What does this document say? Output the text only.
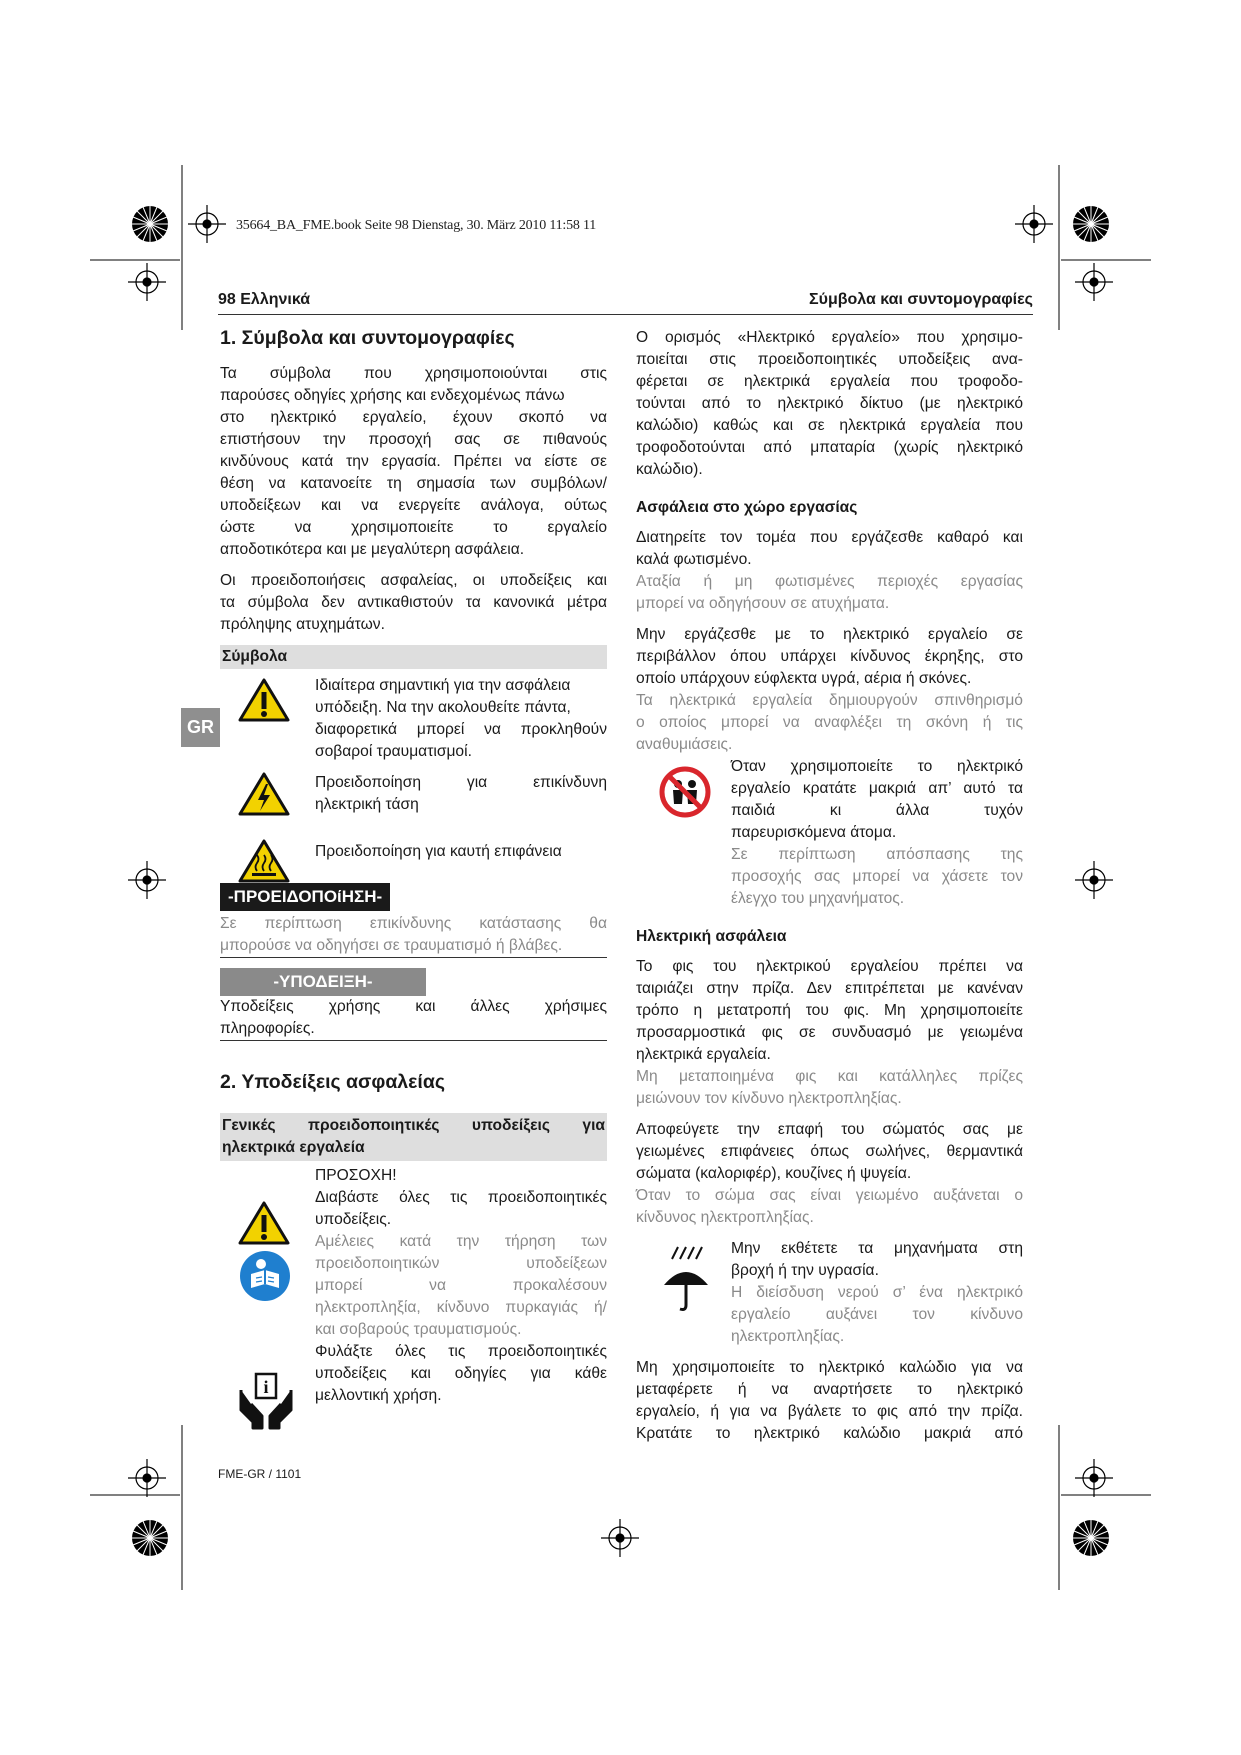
35664_BA_FME.book Seite 98 Dienstag, 30. März 2010 11:58 11
98 Ελληνικά	Σύμβολα και συντομογραφίες
GR

1. Σύμβολα και συντομογραφίες

Τα σύμβολα που χρησιμοποιούνται στις
παρούσες οδηγίες χρήσης και ενδεχομένως πάνω
στο ηλεκτρικό εργαλείο, έχουν σκοπό να
επιστήσουν την προσοχή σας σε πιθανούς
κινδύνους κατά την εργασία. Πρέπει να είστε σε
θέση να κατανοείτε τη σημασία των συμβόλων/
υποδείξεων και να ενεργείτε ανάλογα, ούτως
ώστε να χρησιμοποιείτε το εργαλείο
αποδοτικότερα και με μεγαλύτερη ασφάλεια.
Οι προειδοποιήσεις ασφαλείας, οι υποδείξεις και
τα σύμβολα δεν αντικαθιστούν τα κανονικά μέτρα
πρόληψης ατυχημάτων.
Σύμβολα
Ιδιαίτερα σημαντική για την ασφάλεια
υπόδειξη. Να την ακολουθείτε πάντα,
διαφορετικά μπορεί να προκληθούν
σοβαροί τραυματισμοί.
Προειδοποίηση για επικίνδυνη
ηλεκτρική τάση
Προειδοποίηση για καυτή επιφάνεια
-ΠΡΟΕΙΔΟΠΟίΗΣΗ-
Σε περίπτωση επικίνδυνης κατάστασης θα
μπορούσε να οδηγήσει σε τραυματισμό ή βλάβες.
-ΥΠΟΔΕΙΞΗ-
Υποδείξεις χρήσης και άλλες χρήσιμες
πληροφορίες.

2. Υποδείξεις ασφαλείας

Γενικές προειδοποιητικές υποδείξεις για
ηλεκτρικά εργαλεία
ΠΡΟΣΟΧΗ!
Διαβάστε όλες τις προειδοποιητικές
υποδείξεις.
Αμέλειες κατά την τήρηση των
προειδοποιητικών υποδείξεων
μπορεί να προκαλέσουν
ηλεκτροπληξία, κίνδυνο πυρκαγιάς ή/
και σοβαρούς τραυματισμούς.
Φυλάξτε όλες τις προειδοποιητικές
υποδείξεις και οδηγίες για κάθε
μελλοντική χρήση.
i
Ο ορισμός «Ηλεκτρικό εργαλείο» που χρησιμο-
ποιείται στις προειδοποιητικές υποδείξεις ανα-
φέρεται σε ηλεκτρικά εργαλεία που τροφοδο-
τούνται από το ηλεκτρικό δίκτυο (με ηλεκτρικό
καλώδιο) καθώς και σε ηλεκτρικά εργαλεία που
τροφοδοτούνται από μπαταρία (χωρίς ηλεκτρικό
καλώδιο).

Ασφάλεια στο χώρο εργασίας

Διατηρείτε τον τομέα που εργάζεσθε καθαρό και
καλά φωτισμένο.
Αταξία ή μη φωτισμένες περιοχές εργασίας
μπορεί να οδηγήσουν σε ατυχήματα.
Μην εργάζεσθε με το ηλεκτρικό εργαλείο σε
περιβάλλον όπου υπάρχει κίνδυνος έκρηξης, στο
οποίο υπάρχουν εύφλεκτα υγρά, αέρια ή σκόνες.
Τα ηλεκτρικά εργαλεία δημιουργούν σπινθηρισμό
ο οποίος μπορεί να αναφλέξει τη σκόνη ή τις
αναθυμιάσεις.
Όταν χρησιμοποιείτε το ηλεκτρικό
εργαλείο κρατάτε μακριά απ’ αυτό τα
παιδιά κι άλλα τυχόν
παρευρισκόμενα άτομα.
Σε περίπτωση απόσπασης της
προσοχής σας μπορεί να χάσετε τον
έλεγχο του μηχανήματος.

Ηλεκτρική ασφάλεια

Το φις του ηλεκτρικού εργαλείου πρέπει να
ταιριάζει στην πρίζα. Δεν επιτρέπεται με κανέναν
τρόπο η μετατροπή του φις. Μη χρησιμοποιείτε
προσαρμοστικά φις σε συνδυασμό με γειωμένα
ηλεκτρικά εργαλεία.
Μη μεταποιημένα φις και κατάλληλες πρίζες
μειώνουν τον κίνδυνο ηλεκτροπληξίας.
Αποφεύγετε την επαφή του σώματός σας με
γειωμένες επιφάνειες όπως σωλήνες, θερμαντικά
σώματα (καλοριφέρ), κουζίνες ή ψυγεία.
Όταν το σώμα σας είναι γειωμένο αυξάνεται ο
κίνδυνος ηλεκτροπληξίας.
Μην εκθέτετε τα μηχανήματα στη
βροχή ή την υγρασία.
Η διείσδυση νερού σ’ ένα ηλεκτρικό
εργαλείο αυξάνει τον κίνδυνο
ηλεκτροπληξίας.
Μη χρησιμοποιείτε το ηλεκτρικό καλώδιο για να
μεταφέρετε ή να αναρτήσετε το ηλεκτρικό
εργαλείο, ή για να βγάλετε το φις από την πρίζα.
Κρατάτε το ηλεκτρικό καλώδιο μακριά από
FME-GR / 1101
